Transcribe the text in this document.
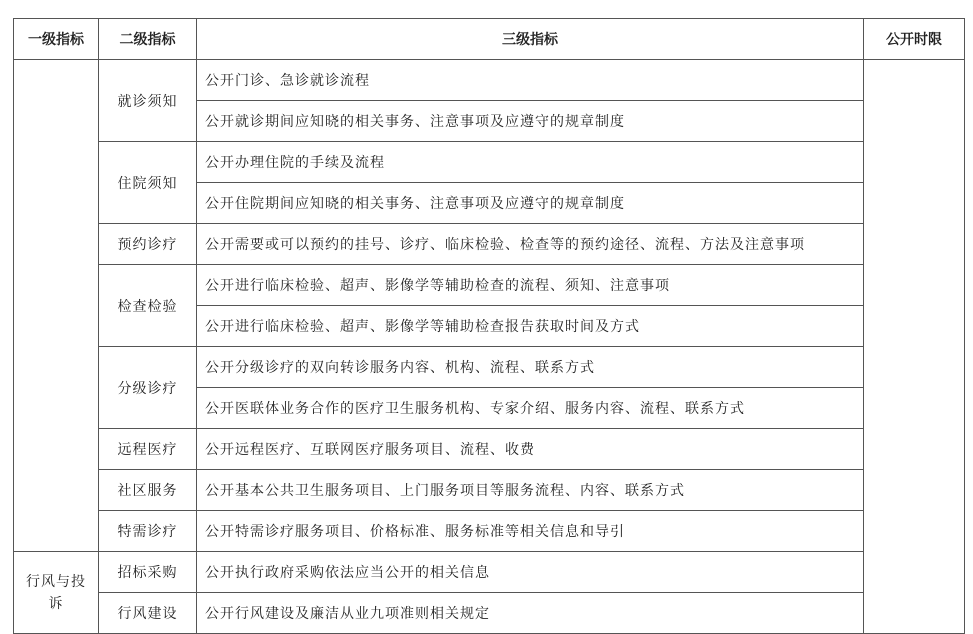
一级指标	二级指标	三级指标	公开时限
	就诊须知	公开门诊、急诊就诊流程	
		公开就诊期间应知晓的相关事务、注意事项及应遵守的规章制度	
	住院须知	公开办理住院的手续及流程	
		公开住院期间应知晓的相关事务、注意事项及应遵守的规章制度	
	预约诊疗	公开需要或可以预约的挂号、诊疗、临床检验、检查等的预约途径、流程、方法及注意事项	
	检查检验	公开进行临床检验、超声、影像学等辅助检查的流程、须知、注意事项	
		公开进行临床检验、超声、影像学等辅助检查报告获取时间及方式	
	分级诊疗	公开分级诊疗的双向转诊服务内容、机构、流程、联系方式	
		公开医联体业务合作的医疗卫生服务机构、专家介绍、服务内容、流程、联系方式	
	远程医疗	公开远程医疗、互联网医疗服务项目、流程、收费	
	社区服务	公开基本公共卫生服务项目、上门服务项目等服务流程、内容、联系方式	
	特需诊疗	公开特需诊疗服务项目、价格标准、服务标准等相关信息和导引	
行风与投诉	招标采购	公开执行政府采购依法应当公开的相关信息	
	行风建设	公开行风建设及廉洁从业九项准则相关规定	
